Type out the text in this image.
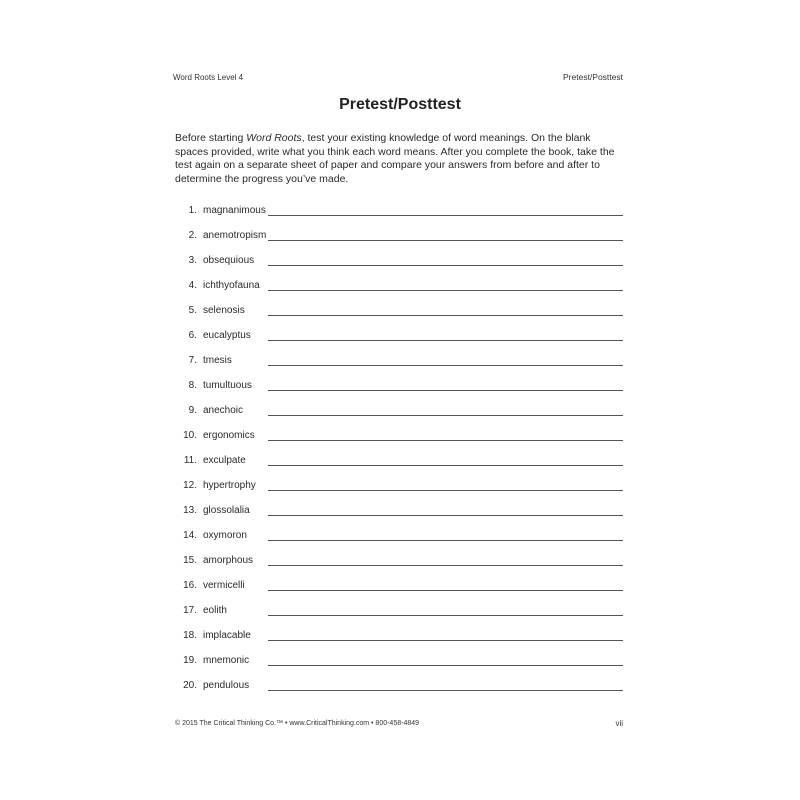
Word Roots Level 4	Pretest/Posttest
Pretest/Posttest
Before starting Word Roots, test your existing knowledge of word meanings. On the blank spaces provided, write what you think each word means. After you complete the book, take the test again on a separate sheet of paper and compare your answers from before and after to determine the progress you’ve made.
1. magnanimous
2. anemotropism
3. obsequious
4. ichthyofauna
5. selenosis
6. eucalyptus
7. tmesis
8. tumultuous
9. anechoic
10. ergonomics
11. exculpate
12. hypertrophy
13. glossolalia
14. oxymoron
15. amorphous
16. vermicelli
17. eolith
18. implacable
19. mnemonic
20. pendulous
© 2015 The Critical Thinking Co.™ • www.CriticalThinking.com • 800-458-4849	vii
